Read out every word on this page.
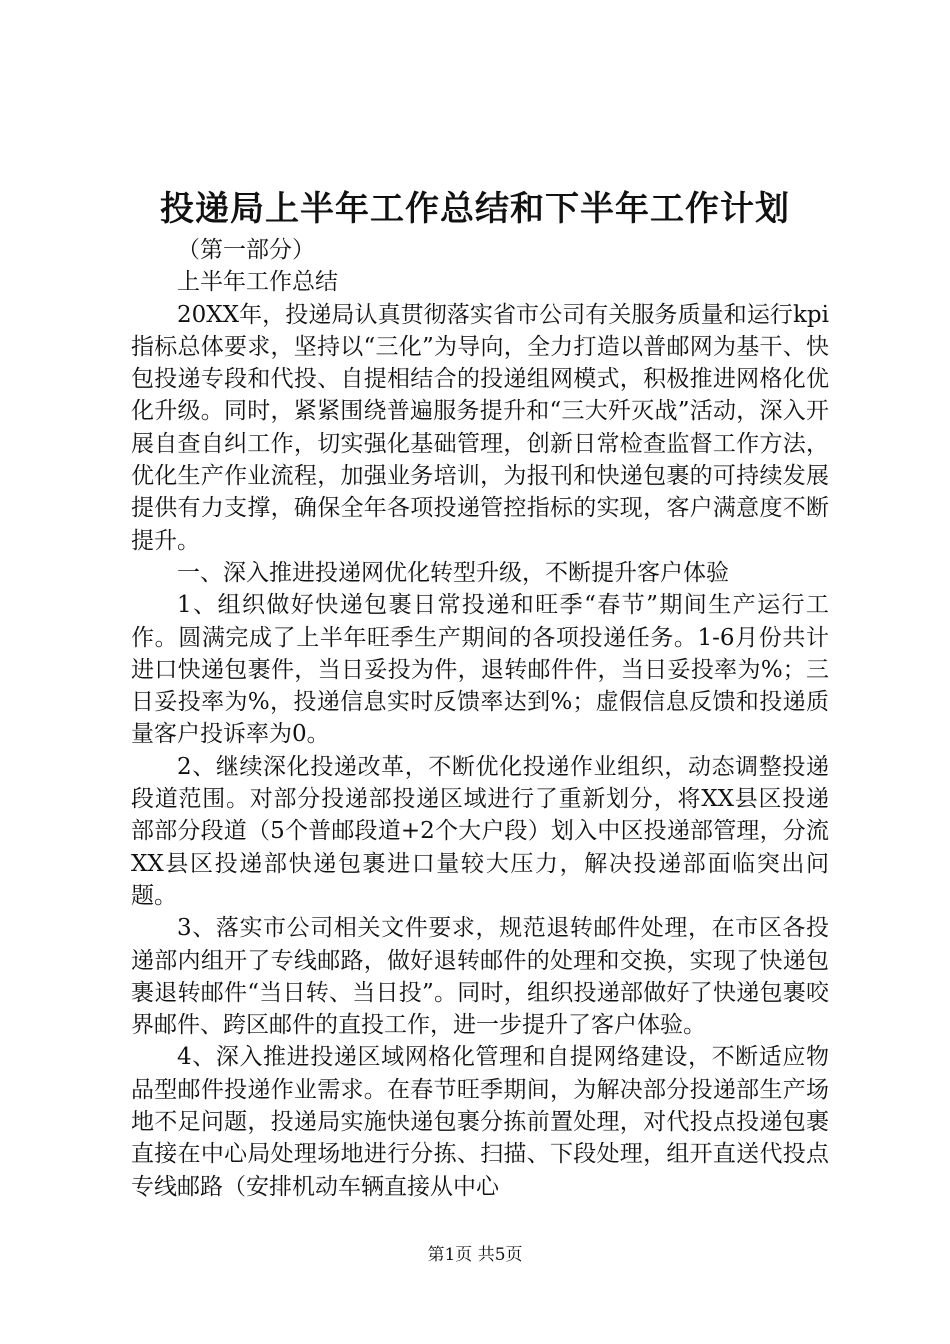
投递局上半年工作总结和下半年工作计划

（第一部分）

上半年工作总结

20XX年，投递局认真贯彻落实省市公司有关服务质量和运行kpi指标总体要求，坚持以“三化”为导向，全力打造以普邮网为基干、快包投递专段和代投、自提相结合的投递组网模式，积极推进网格化优化升级。同时，紧紧围绕普遍服务提升和“三大歼灭战”活动，深入开展自查自纠工作，切实强化基础管理，创新日常检查监督工作方法，优化生产作业流程，加强业务培训，为报刊和快递包裹的可持续发展提供有力支撑，确保全年各项投递管控指标的实现，客户满意度不断提升。

一、深入推进投递网优化转型升级，不断提升客户体验

1、组织做好快递包裹日常投递和旺季“春节”期间生产运行工作。圆满完成了上半年旺季生产期间的各项投递任务。1-6月份共计进口快递包裹件，当日妥投为件，退转邮件件，当日妥投率为%；三日妥投率为%，投递信息实时反馈率达到%；虚假信息反馈和投递质量客户投诉率为0。

2、继续深化投递改革，不断优化投递作业组织，动态调整投递段道范围。对部分投递部投递区域进行了重新划分，将XX县区投递部部分段道（5个普邮段道+2个大户段）划入中区投递部管理，分流XX县区投递部快递包裹进口量较大压力，解决投递部面临突出问题。

3、落实市公司相关文件要求，规范退转邮件处理，在市区各投递部内组开了专线邮路，做好退转邮件的处理和交换，实现了快递包裹退转邮件“当日转、当日投”。同时，组织投递部做好了快递包裹咬界邮件、跨区邮件的直投工作，进一步提升了客户体验。

4、深入推进投递区域网格化管理和自提网络建设，不断适应物品型邮件投递作业需求。在春节旺季期间，为解决部分投递部生产场地不足问题，投递局实施快递包裹分拣前置处理，对代投点投递包裹直接在中心局处理场地进行分拣、扫描、下段处理，组开直送代投点专线邮路（安排机动车辆直接从中心

第1页 共5页
